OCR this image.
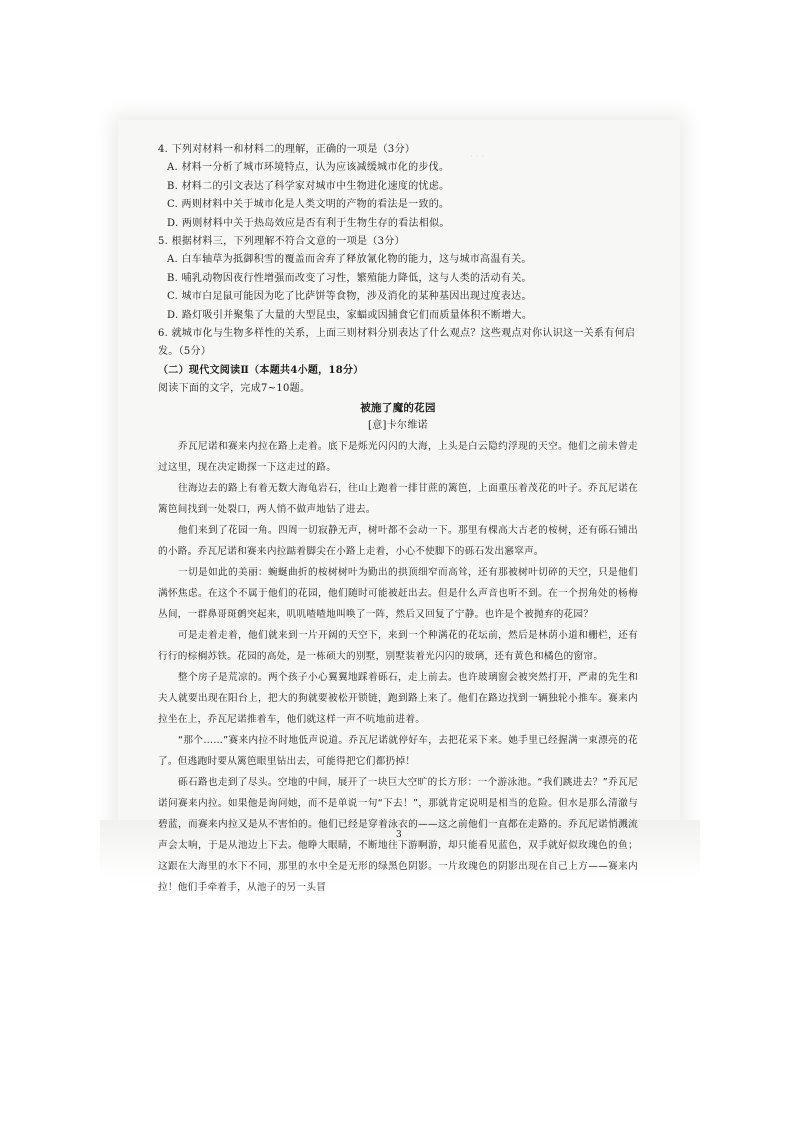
· · ·
4. 下列对材料一和材料二的理解，正确的一项是（3分）
A. 材料一分析了城市环境特点，认为应该减缓城市化的步伐。
B. 材料二的引文表达了科学家对城市中生物进化速度的忧虑。
C. 两则材料中关于城市化是人类文明的产物的看法是一致的。
D. 两则材料中关于热岛效应是否有利于生物生存的看法相似。
5. 根据材料三，下列理解不符合文意的一项是（3分）
A. 白车轴草为抵御积雪的覆盖而舍弃了释放氰化物的能力，这与城市高温有关。
B. 哺乳动物因夜行性增强而改变了习性，繁殖能力降低，这与人类的活动有关。
C. 城市白足鼠可能因为吃了比萨饼等食物，涉及消化的某种基因出现过度表达。
D. 路灯吸引并聚集了大量的大型昆虫，家蝠或因捕食它们而质量体积不断增大。
6. 就城市化与生物多样性的关系，上面三则材料分别表达了什么观点？这些观点对你认识这一关系有何启
发。（5分）
（二）现代文阅读Ⅱ（本题共4小题，18分）
阅读下面的文字，完成7~10题。
被施了魔的花园
[意]卡尔维诺
乔瓦尼诺和赛来内拉在路上走着。底下是烁光闪闪的大海，上头是白云隐约浮现的天空。他们之前未曾走过这里，现在决定勘探一下这走过的路。
往海边去的路上有着无数大海龟岩石，往山上跑着一排甘蔗的篱笆，上面重压着茂花的叶子。乔瓦尼诺在篱笆间找到一处裂口，两人悄不做声地钻了进去。
他们来到了花园一角。四周一切寂静无声，树叶都不会动一下。那里有棵高大古老的桉树，还有砾石铺出的小路。乔瓦尼诺和赛来内拉踮着脚尖在小路上走着，小心不使脚下的砾石发出窸窣声。
一切是如此的美丽：蜿蜒曲折的桉树树叶为勤出的拱顶细窄而高耸，还有那被树叶切碎的天空，只是他们满怀焦虑。在这个不属于他们的花园，他们随时可能被赶出去。但是什么声音也听不到。在一个拐角处的杨梅丛间，一群鼻哥斑鹩突起来，叽叽喳喳地叫唤了一阵，然后又回复了宁静。也许是个被抛弃的花园？
可是走着走着，他们就来到一片开阔的天空下，来到一个种满花的花坛前，然后是林荫小道和栅栏，还有行行的棕榈苏铁。花园的高处，是一栋硕大的别墅，别墅装着光闪闪的玻璃，还有黄色和橘色的窗帘。
整个房子是荒凉的。两个孩子小心翼翼地踩着砾石，走上前去。也许玻璃窗会被突然打开，严肃的先生和夫人就要出现在阳台上，把大的狗就要被松开锁链，跑到路上来了。他们在路边找到一辆独轮小推车。赛来内拉坐在上，乔瓦尼诺推着车，他们就这样一声不吭地前进着。
“那个……”赛来内拉不时地低声说道。乔瓦尼诺就停好车，去把花采下来。她手里已经握满一束漂亮的花了。但逃跑时要从篱笆眼里钻出去，可能得把它们都扔掉！
砾石路也走到了尽头。空地的中间，展开了一块巨大空旷的长方形：一个游泳池。“我们跳进去？”乔瓦尼诺问赛来内拉。如果他是询问她，而不是单说一句“下去！”，那就肯定说明是相当的危险。但水是那么清澈与碧蓝，而赛来内拉又是从不害怕的。他们已经是穿着泳衣的——这之前他们一直都在走路的。乔瓦尼诺悄溅流声会太响，于是从池边上下去。他睁大眼睛，不断地往下游啊游，却只能看见蓝色，双手就好似玫瑰色的鱼；这跟在大海里的水下不同，那里的水中全是无形的绿黑色阴影。一片玫瑰色的阴影出现在自己上方——赛来内拉！他们手牵着手，从池子的另一头冒
3
